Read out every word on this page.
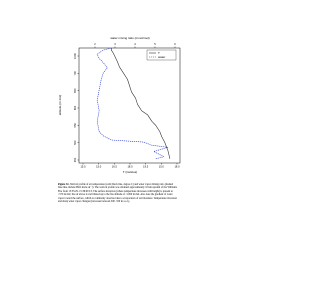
water mixing ratio (mmol/mol)
T (Celsius)
altitude (m msl)
T
water
15.5	15.0	16.5	18.0	19.5	15.0	18.0
2	3	4	5	6
450
500
550
600
650
700
1000
Figure S1. Vertical profile of air temperature (solid black line, degree C) and water vapor mixing ratio (dashed blue line, mmole H2O mole air⁻¹). The vertical profile was obtained approximately 10 km upwind of the Williams Fire from 15:35:29 -15:36:00 LT. The surface inversion (where temperature increases with height) is present at ~570 m msl; the air above is well mixed up to the fire altitude of ~1000 m msl. Also note the gradient of water vapor toward the surface, which is commonly observed due to evaporation of soil moisture. Temperature inversion and sharp water vapor changes (increases between 500 -550 m a.s.l.).
